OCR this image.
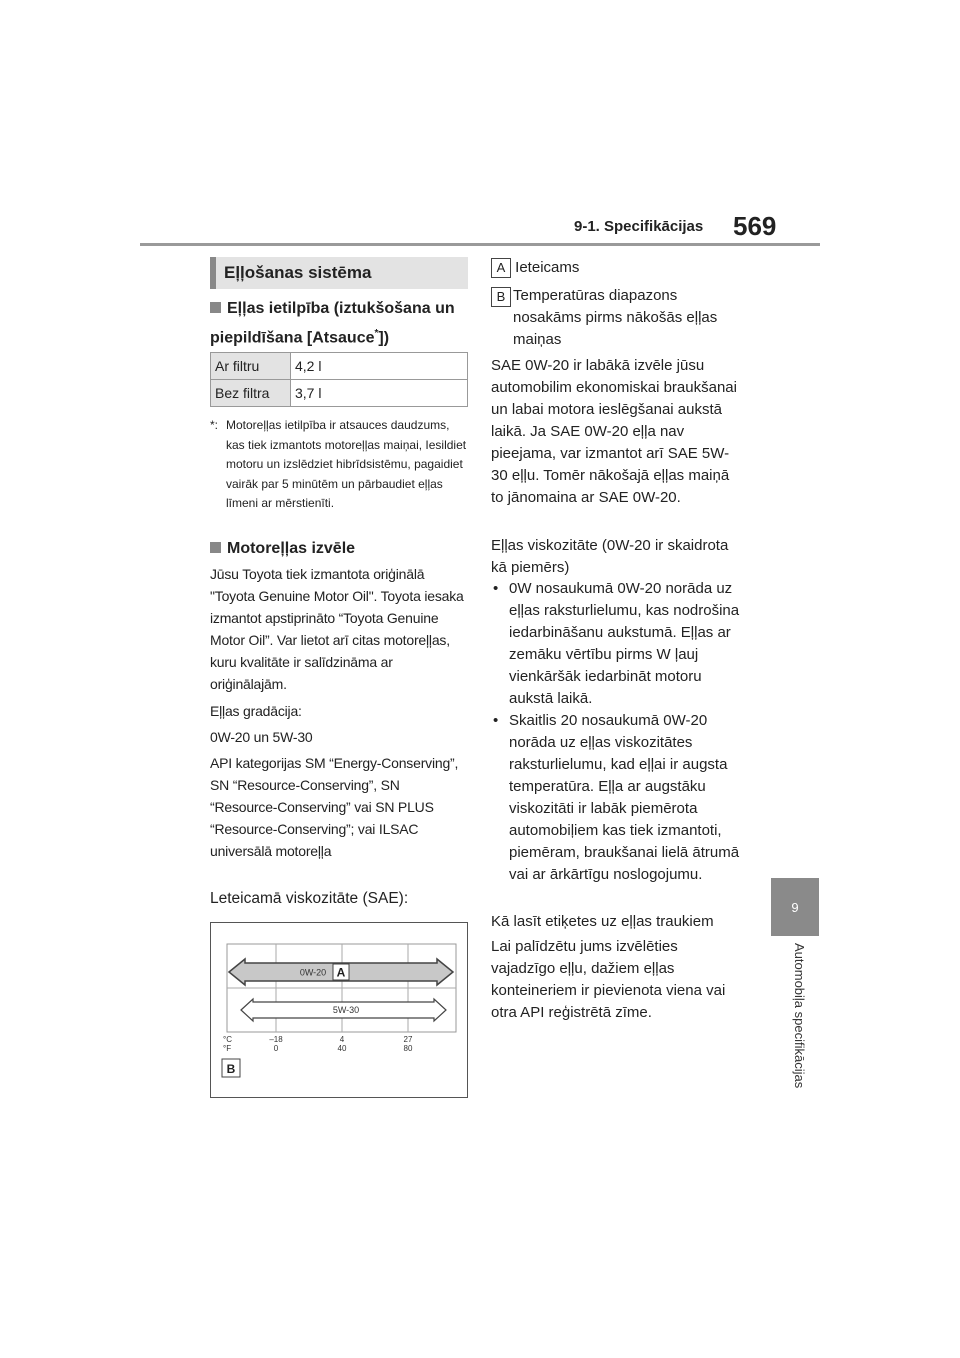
9-1. Specifikācijas 569
9
Automobiļa specifikācijas
Eļļošanas sistēma
Eļļas ietilpība (iztukšošana un piepildīšana [Atsauce*])
Ar filtru	4,2 l
Bez filtra	3,7 l
*: Motoreļļas ietilpība ir atsauces daudzums, kas tiek izmantots motoreļļas maiņai, Iesildiet motoru un izslēdziet hibrīdsistēmu, pagaidiet vairāk par 5 minūtēm un pārbaudiet eļļas līmeni ar mērstienīti.
Motoreļļas izvēle
Jūsu Toyota tiek izmantota oriģinālā "Toyota Genuine Motor Oil". Toyota iesaka izmantot apstiprināto “Toyota Genuine Motor Oil”. Var lietot arī citas motoreļļas, kuru kvalitāte ir salīdzināma ar oriģinālajām.
Eļļas gradācija:
0W-20 un 5W-30
API kategorijas SM “Energy-Conserving”, SN “Resource-Conserving”, SN “Resource-Conserving” vai SN PLUS “Resource-Conserving”; vai ILSAC universālā motoreļļa
Leteicamā viskozitāte (SAE):
0W-20 A
5W-30
°C
°F
–18	4	27
0	40	80
B
A Ieteicams
B Temperatūras diapazons nosakāms pirms nākošās eļļas maiņas
SAE 0W-20 ir labākā izvēle jūsu automobilim ekonomiskai braukšanai un labai motora ieslēgšanai aukstā laikā. Ja SAE 0W-20 eļļa nav pieejama, var izmantot arī SAE 5W-30 eļļu. Tomēr nākošajā eļļas maiņā to jānomaina ar SAE 0W-20.
Eļļas viskozitāte (0W-20 ir skaidrota kā piemērs)
• 0W nosaukumā 0W-20 norāda uz eļļas raksturlielumu, kas nodrošina iedarbināšanu aukstumā. Eļļas ar zemāku vērtību pirms W ļauj vienkāršāk iedarbināt motoru aukstā laikā.
• Skaitlis 20 nosaukumā 0W-20 norāda uz eļļas viskozitātes raksturlielumu, kad eļļai ir augsta temperatūra. Eļļa ar augstāku viskozitāti ir labāk piemērota automobiļiem kas tiek izmantoti, piemēram, braukšanai lielā ātrumā vai ar ārkārtīgu noslogojumu.
Kā lasīt etiķetes uz eļļas traukiem
Lai palīdzētu jums izvēlēties vajadzīgo eļļu, dažiem eļļas konteineriem ir pievienota viena vai otra API reģistrētā zīme.
